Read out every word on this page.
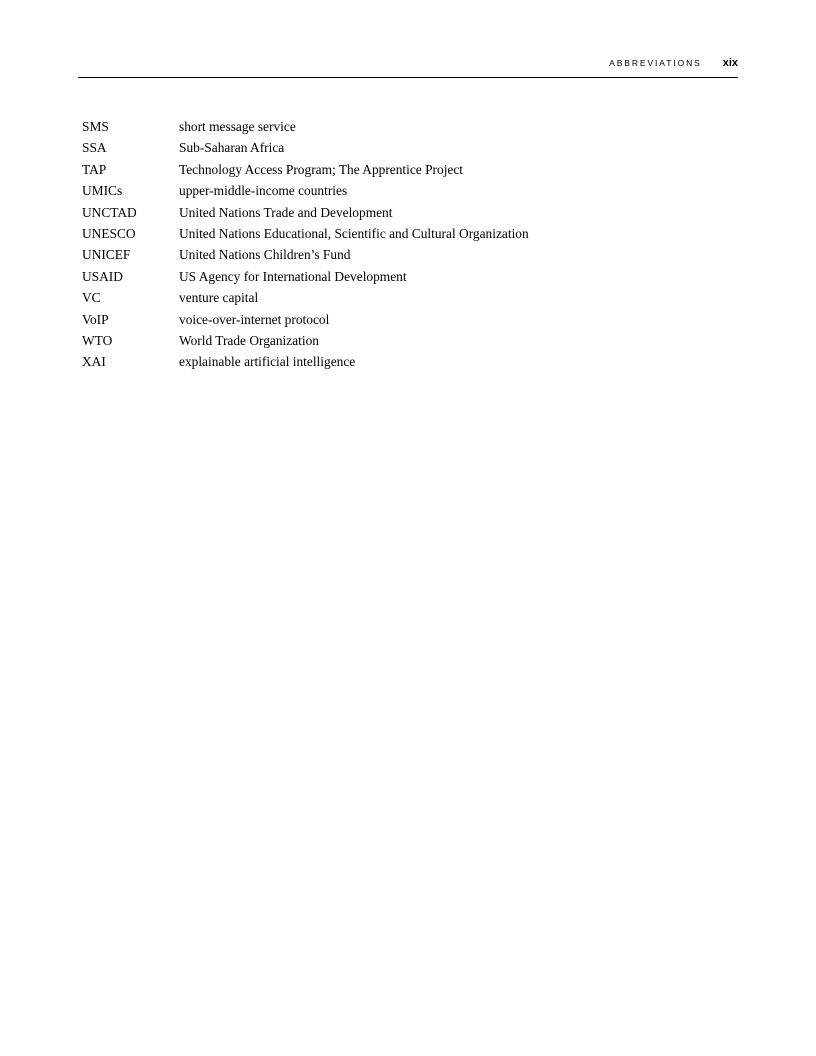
ABBREVIATIONS xix
SMS	short message service
SSA	Sub-Saharan Africa
TAP	Technology Access Program; The Apprentice Project
UMICs	upper-middle-income countries
UNCTAD	United Nations Trade and Development
UNESCO	United Nations Educational, Scientific and Cultural Organization
UNICEF	United Nations Children’s Fund
USAID	US Agency for International Development
VC	venture capital
VoIP	voice-over-internet protocol
WTO	World Trade Organization
XAI	explainable artificial intelligence
